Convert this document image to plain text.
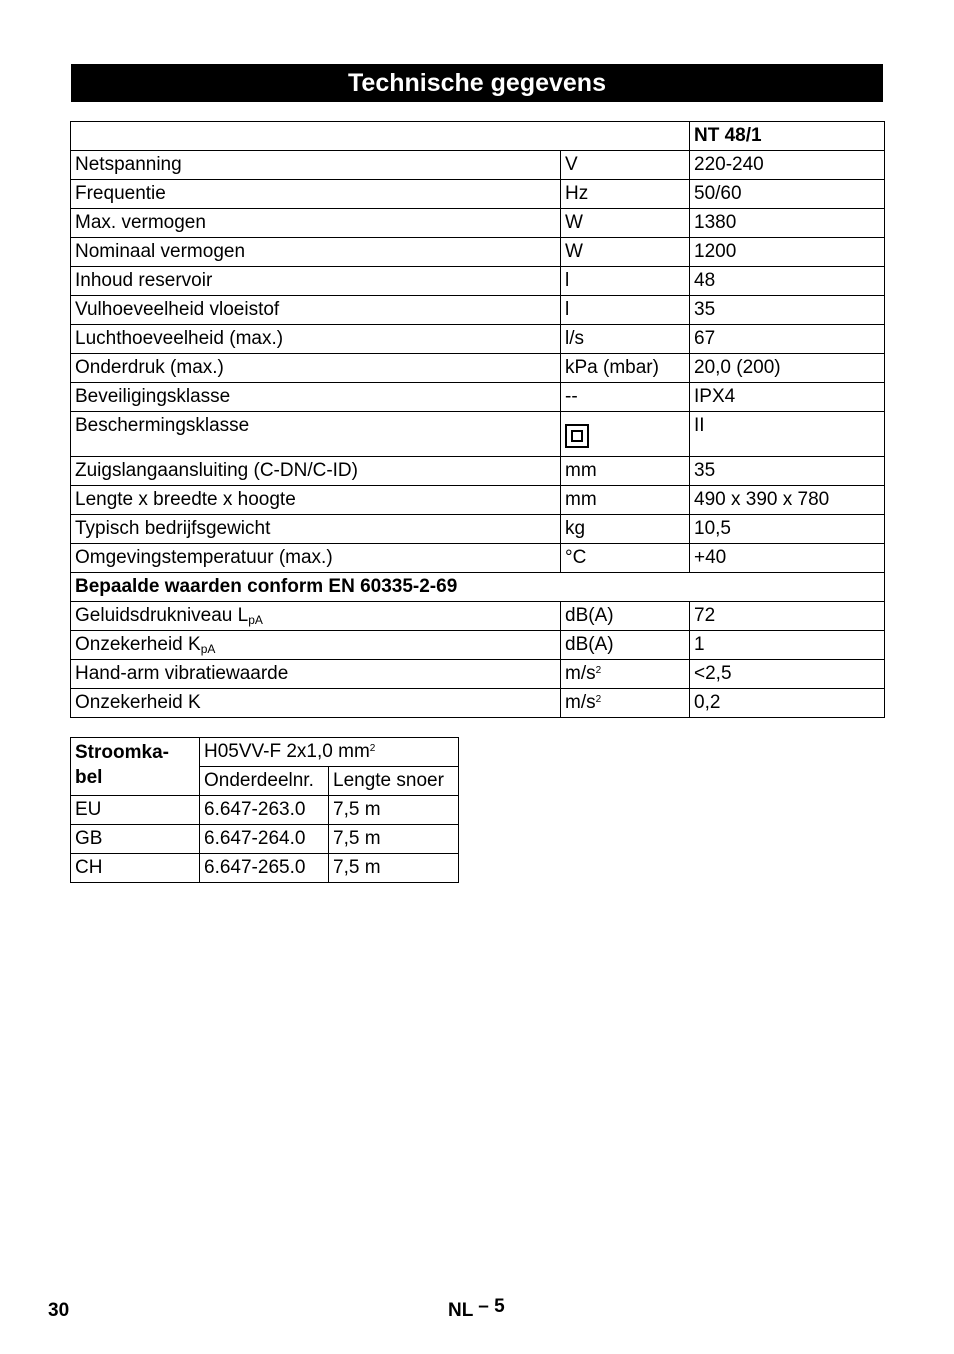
Technische gegevens
		NT 48/1
Netspanning	V	220-240
Frequentie	Hz	50/60
Max. vermogen	W	1380
Nominaal vermogen	W	1200
Inhoud reservoir	l	48
Vulhoeveelheid vloeistof	l	35
Luchthoeveelheid (max.)	l/s	67
Onderdruk (max.)	kPa (mbar)	20,0 (200)
Beveiligingsklasse	--	IPX4
Beschermingsklasse		II
Zuigslangaansluiting (C-DN/C-ID)	mm	35
Lengte x breedte x hoogte	mm	490 x 390 x 780
Typisch bedrijfsgewicht	kg	10,5
Omgevingstemperatuur (max.)	°C	+40
Bepaalde waarden conform EN 60335-2-69		
Geluidsdrukniveau $L_{pA}$	dB(A)	72
Onzekerheid $K_{pA}$	dB(A)	1
Hand-arm vibratiewaarde	$m/s^2$	<2,5
Onzekerheid K	$m/s^2$	0,2
Stroomka-
bel	H05VV-F 2x1,0 $mm^2$
	Onderdeelnr.	Lengte snoer
EU	6.647-263.0	7,5 m
GB	6.647-264.0	7,5 m
CH	6.647-265.0	7,5 m
30	NL – 5
